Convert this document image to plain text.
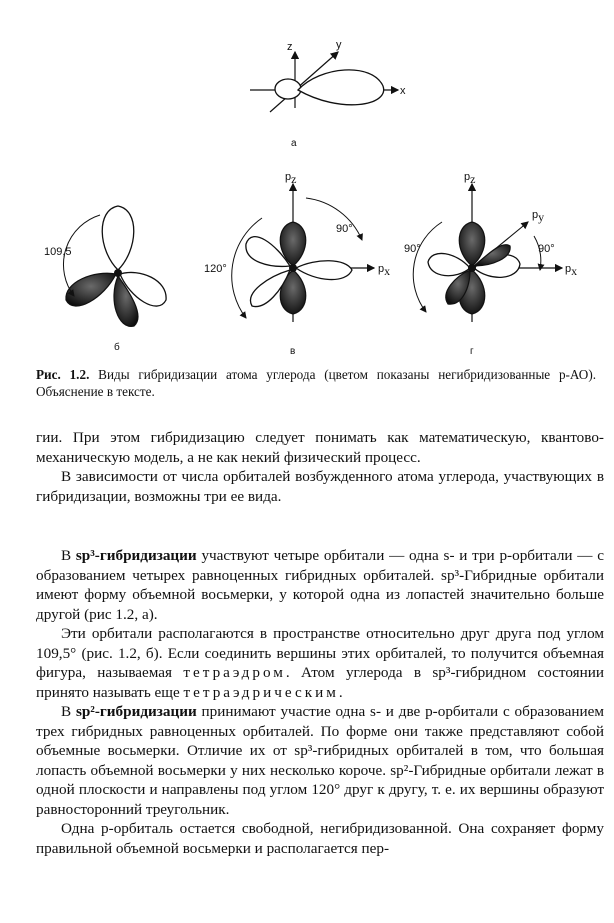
z	y
x
а
109,5
б
120°
90°
pz
px
в
90°	90°
pz
px
py
г
Рис. 1.2. Виды гибридизации атома углерода (цветом показаны негибридизованные p-АО). Объяснение в тексте.

гии. При этом гибридизацию следует понимать как математическую, квантово-механическую модель, а не как некий физический процесс.

В зависимости от числа орбиталей возбужденного атома углерода, участвующих в гибридизации, возможны три ее вида.

В sp³-гибридизации участвуют четыре орбитали — одна s- и три p-орбитали — с образованием четырех равноценных гибридных орбиталей. sp³-Гибридные орбитали имеют форму объемной восьмерки, у которой одна из лопастей значительно больше другой (рис 1.2, а).

Эти орбитали располагаются в пространстве относительно друг друга под углом 109,5° (рис. 1.2, б). Если соединить вершины этих орбиталей, то получится объемная фигура, называемая тетраэдром. Атом углерода в sp³-гибридном состоянии принято называть еще тетраэдрическим.

В sp²-гибридизации принимают участие одна s- и две p-орбитали с образованием трех гибридных равноценных орбиталей. По форме они также представляют собой объемные восьмерки. Отличие их от sp³-гибридных орбиталей в том, что большая лопасть объемной восьмерки у них несколько короче. sp²-Гибридные орбитали лежат в одной плоскости и направлены под углом 120° друг к другу, т. е. их вершины образуют равносторонний треугольник.

Одна p-орбиталь остается свободной, негибридизованной. Она сохраняет форму правильной объемной восьмерки и располагается пер-
